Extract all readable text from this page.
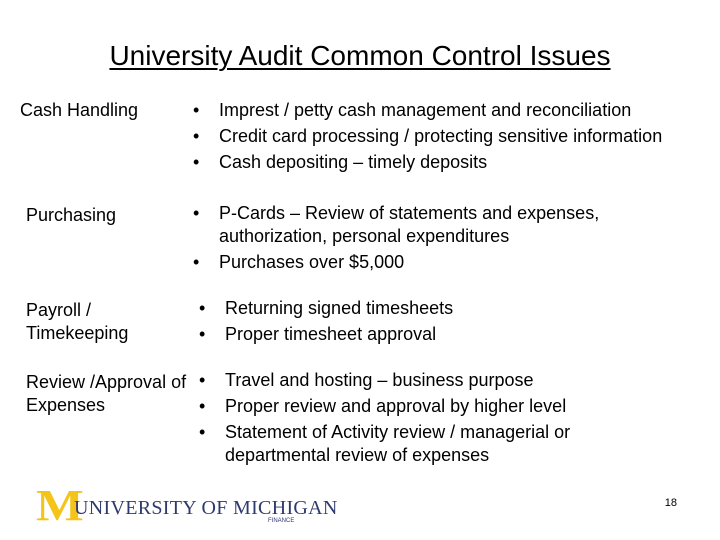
University Audit Common Control Issues
Cash Handling	• Imprest / petty cash management and reconciliation
• Credit card processing / protecting sensitive information
• Cash depositing – timely deposits
Purchasing	• P-Cards – Review of statements and expenses, authorization, personal expenditures
• Purchases over $5,000
Payroll / Timekeeping
• Returning signed timesheets
• Proper timesheet approval
Review /Approval of Expenses
• Travel and hosting – business purpose
• Proper review and approval by higher level
• Statement of Activity review / managerial or departmental review of expenses
M
UNIVERSITY OF MICHIGAN
FINANCE
18
